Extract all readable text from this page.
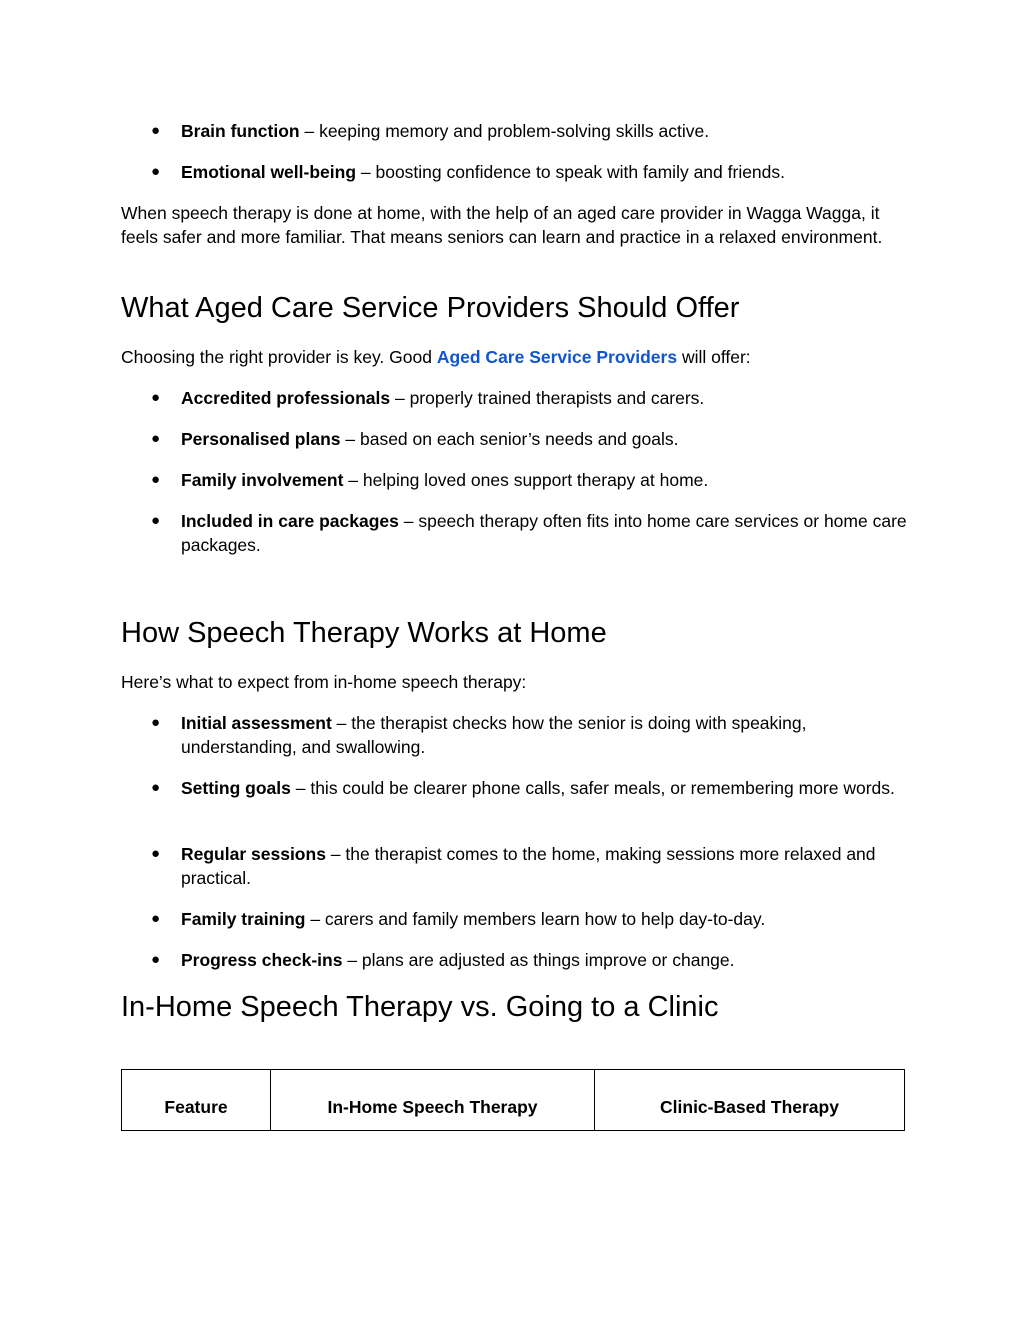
● Brain function – keeping memory and problem-solving skills active.
● Emotional well-being – boosting confidence to speak with family and friends.

When speech therapy is done at home, with the help of an aged care provider in Wagga Wagga, it feels safer and more familiar. That means seniors can learn and practice in a relaxed environment.

What Aged Care Service Providers Should Offer

Choosing the right provider is key. Good Aged Care Service Providers will offer:

● Accredited professionals – properly trained therapists and carers.
● Personalised plans – based on each senior’s needs and goals.
● Family involvement – helping loved ones support therapy at home.
● Included in care packages – speech therapy often fits into home care services or home care packages.
How Speech Therapy Works at Home

Here’s what to expect from in-home speech therapy:

● Initial assessment – the therapist checks how the senior is doing with speaking, understanding, and swallowing.
● Setting goals – this could be clearer phone calls, safer meals, or remembering more words.
● Regular sessions – the therapist comes to the home, making sessions more relaxed and practical.
● Family training – carers and family members learn how to help day-to-day.
● Progress check-ins – plans are adjusted as things improve or change.
In-Home Speech Therapy vs. Going to a Clinic
Feature	In-Home Speech Therapy	Clinic-Based Therapy
